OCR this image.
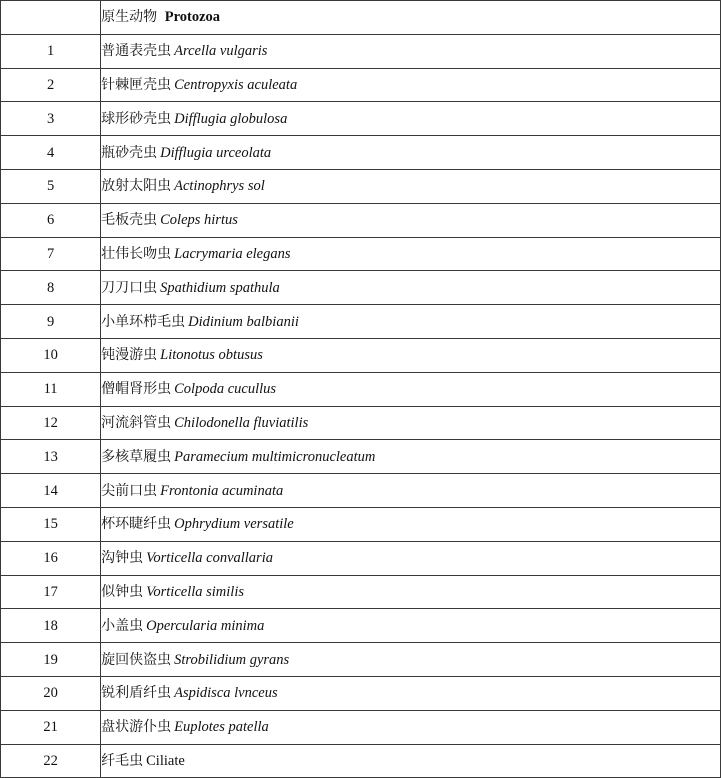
	原生动物 Protozoa
1	普通表壳虫 Arcella vulgaris
2	针棘匣壳虫 Centropyxis aculeata
3	球形砂壳虫 Difflugia globulosa
4	瓶砂壳虫 Difflugia urceolata
5	放射太阳虫 Actinophrys sol
6	毛板壳虫 Coleps hirtus
7	壮伟长吻虫 Lacrymaria elegans
8	刀刀口虫 Spathidium spathula
9	小单环栉毛虫 Didinium balbianii
10	钝漫游虫 Litonotus obtusus
11	僧帽肾形虫 Colpoda cucullus
12	河流斜管虫 Chilodonella fluviatilis
13	多核草履虫 Paramecium multimicronucleatum
14	尖前口虫 Frontonia acuminata
15	杯环睫纤虫 Ophrydium versatile
16	沟钟虫 Vorticella convallaria
17	似钟虫 Vorticella similis
18	小盖虫 Opercularia minima
19	旋回侠盗虫 Strobilidium gyrans
20	锐利盾纤虫 Aspidisca lvnceus
21	盘状游仆虫 Euplotes patella
22	纤毛虫 Ciliate
